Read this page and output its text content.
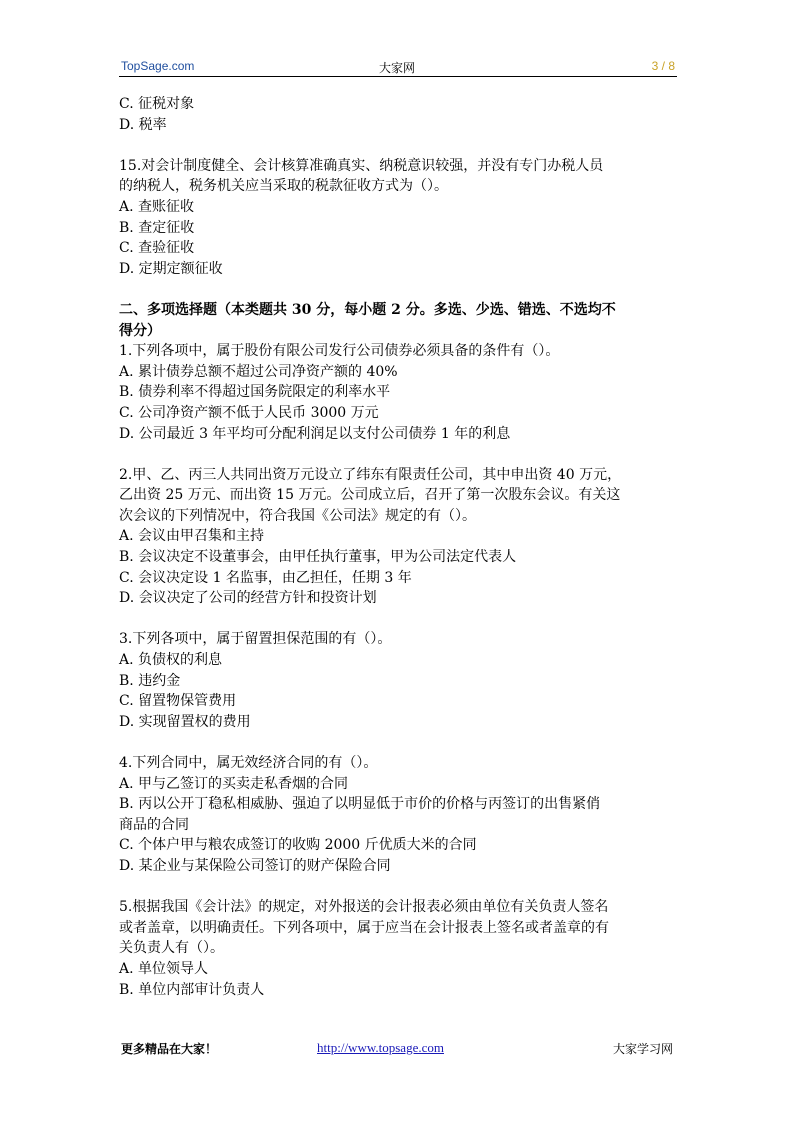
TopSage.com	大家网	3 / 8
C. 征税对象
D. 税率
15.对会计制度健全、会计核算准确真实、纳税意识较强，并没有专门办税人员
的纳税人，税务机关应当采取的税款征收方式为（）。
A. 查账征收
B. 查定征收
C. 查验征收
D. 定期定额征收
二、多项选择题（本类题共 30 分，每小题 2 分。多选、少选、错选、不选均不
得分）
1.下列各项中，属于股份有限公司发行公司债券必须具备的条件有（）。
A. 累计债券总额不超过公司净资产额的 40%
B. 债券利率不得超过国务院限定的利率水平
C. 公司净资产额不低于人民币 3000 万元
D. 公司最近 3 年平均可分配利润足以支付公司债券 1 年的利息
2.甲、乙、丙三人共同出资万元设立了纬东有限责任公司，其中申出资 40 万元，
乙出资 25 万元、而出资 15 万元。公司成立后，召开了第一次股东会议。有关这
次会议的下列情况中，符合我国《公司法》规定的有（）。
A. 会议由甲召集和主持
B. 会议决定不设董事会，由甲任执行董事，甲为公司法定代表人
C. 会议决定设 1 名监事，由乙担任，任期 3 年
D. 会议决定了公司的经营方针和投资计划
3.下列各项中，属于留置担保范围的有（）。
A. 负债权的利息
B. 违约金
C. 留置物保管费用
D. 实现留置权的费用
4.下列合同中，属无效经济合同的有（）。
A. 甲与乙签订的买卖走私香烟的合同
B. 丙以公开丁稳私相威胁、强迫了以明显低于市价的价格与丙签订的出售紧俏
商品的合同
C. 个体户甲与粮农成签订的收购 2000 斤优质大米的合同
D. 某企业与某保险公司签订的财产保险合同
5.根据我国《会计法》的规定，对外报送的会计报表必须由单位有关负责人签名
或者盖章，以明确责任。下列各项中，属于应当在会计报表上签名或者盖章的有
关负责人有（）。
A. 单位领导人
B. 单位内部审计负责人
更多精品在大家！	http://www.topsage.com	大家学习网
